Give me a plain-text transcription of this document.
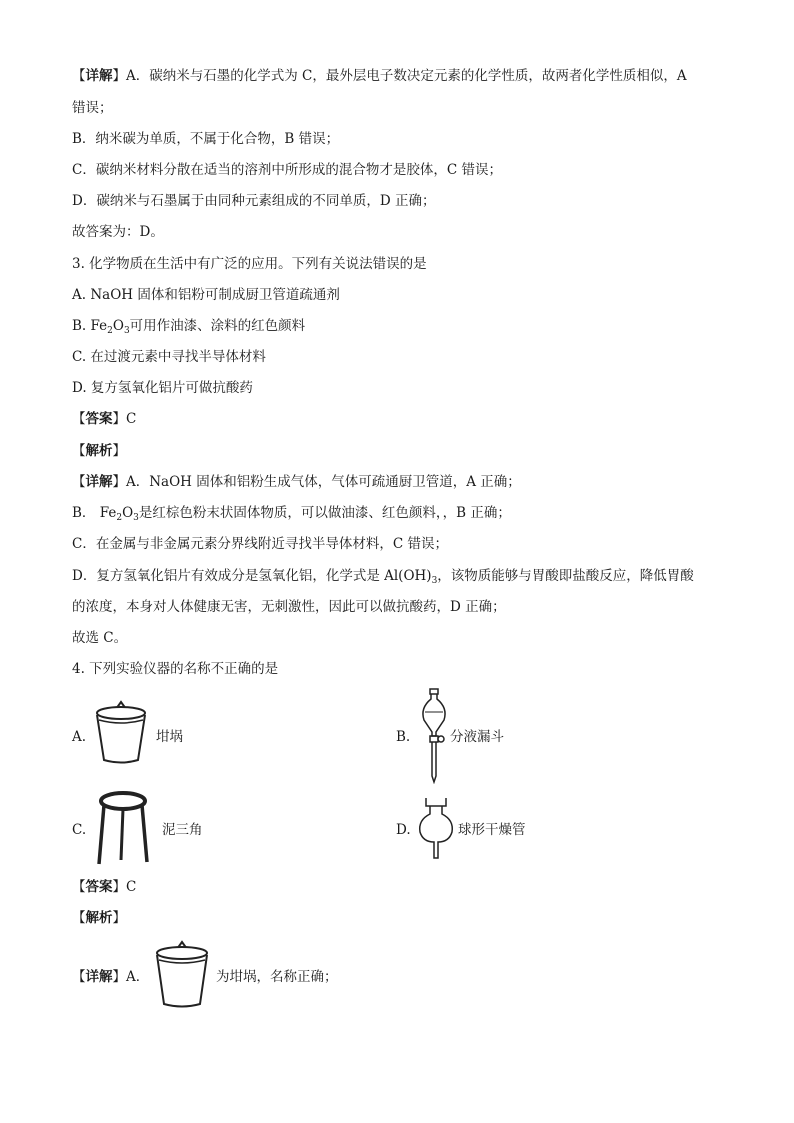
【详解】A．碳纳米与石墨的化学式为 C，最外层电子数决定元素的化学性质，故两者化学性质相似，A
错误；
B．纳米碳为单质，不属于化合物，B 错误；
C．碳纳米材料分散在适当的溶剂中所形成的混合物才是胶体，C 错误；
D．碳纳米与石墨属于由同种元素组成的不同单质，D 正确；
故答案为：D。
3. 化学物质在生活中有广泛的应用。下列有关说法错误的是
A. NaOH 固体和铝粉可制成厨卫管道疏通剂
B. $Fe_2O_3$可用作油漆、涂料的红色颜料
C. 在过渡元素中寻找半导体材料
D. 复方氢氧化铝片可做抗酸药
【答案】C
【解析】
【详解】A．NaOH 固体和铝粉生成气体，气体可疏通厨卫管道，A 正确；
B． $Fe_2O_3$是红棕色粉末状固体物质，可以做油漆、红色颜料，，B 正确；
C．在金属与非金属元素分界线附近寻找半导体材料，C 错误；
D．复方氢氧化铝片有效成分是氢氧化铝，化学式是 $Al(OH)_3$，该物质能够与胃酸即盐酸反应，降低胃酸
的浓度，本身对人体健康无害，无刺激性，因此可以做抗酸药，D 正确；
故选 C。
4. 下列实验仪器的名称不正确的是
A.	坩埚	B.	分液漏斗
C.	泥三角	D.	球形干燥管
【答案】C
【解析】
【详解】A．	为坩埚，名称正确；
